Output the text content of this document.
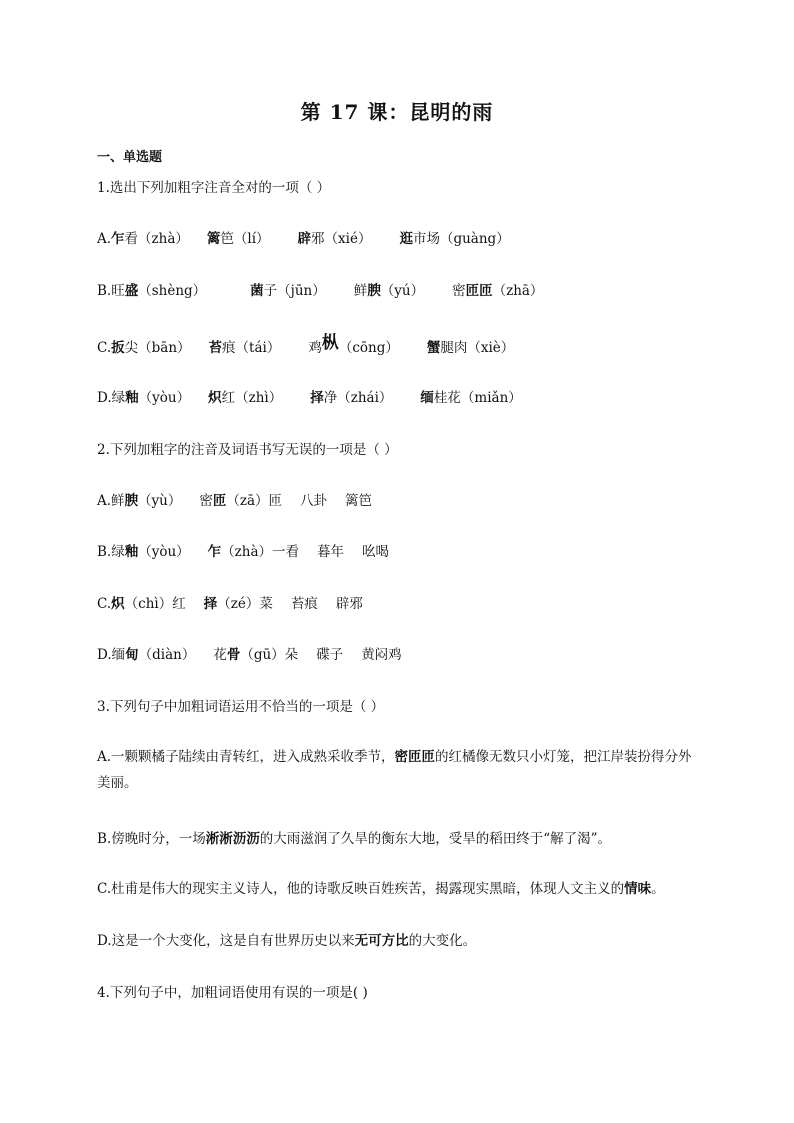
第 17 课：昆明的雨
一、单选题
1.选出下列加粗字注音全对的一项（ ）
A.乍看（zhà） 篱笆（lí） 辟邪（xié） 逛市场（guàng）
B.旺盛（shèng）	菌子（jūn） 鲜腴（yú） 密匝匝（zhā）
C.扳尖（bān） 苔痕（tái） 鸡枞（cōng） 蟹腿肉（xiè）
D.绿釉（yòu） 炽红（zhì） 择净（zhái） 缅桂花（miǎn）
2.下列加粗字的注音及词语书写无误的一项是（ ）
A.鲜腴（yù） 密匝（zā）匝 八卦 篱笆
B.绿釉（yòu） 乍（zhà）一看 暮年 吆喝
C.炽（chì）红 择（zé）菜 苔痕 辟邪
D.缅甸（diàn） 花骨（gū）朵 碟子 黄闷鸡
3.下列句子中加粗词语运用不恰当的一项是（ ）
A.一颗颗橘子陆续由青转红，进入成熟采收季节，密匝匝的红橘像无数只小灯笼，把江岸装扮得分外美丽。
B.傍晚时分，一场淅淅沥沥的大雨滋润了久旱的衡东大地，受旱的稻田终于“解了渴”。
C.杜甫是伟大的现实主义诗人，他的诗歌反映百姓疾苦，揭露现实黑暗，体现人文主义的情味。
D.这是一个大变化，这是自有世界历史以来无可方比的大变化。
4.下列句子中，加粗词语使用有误的一项是( )
